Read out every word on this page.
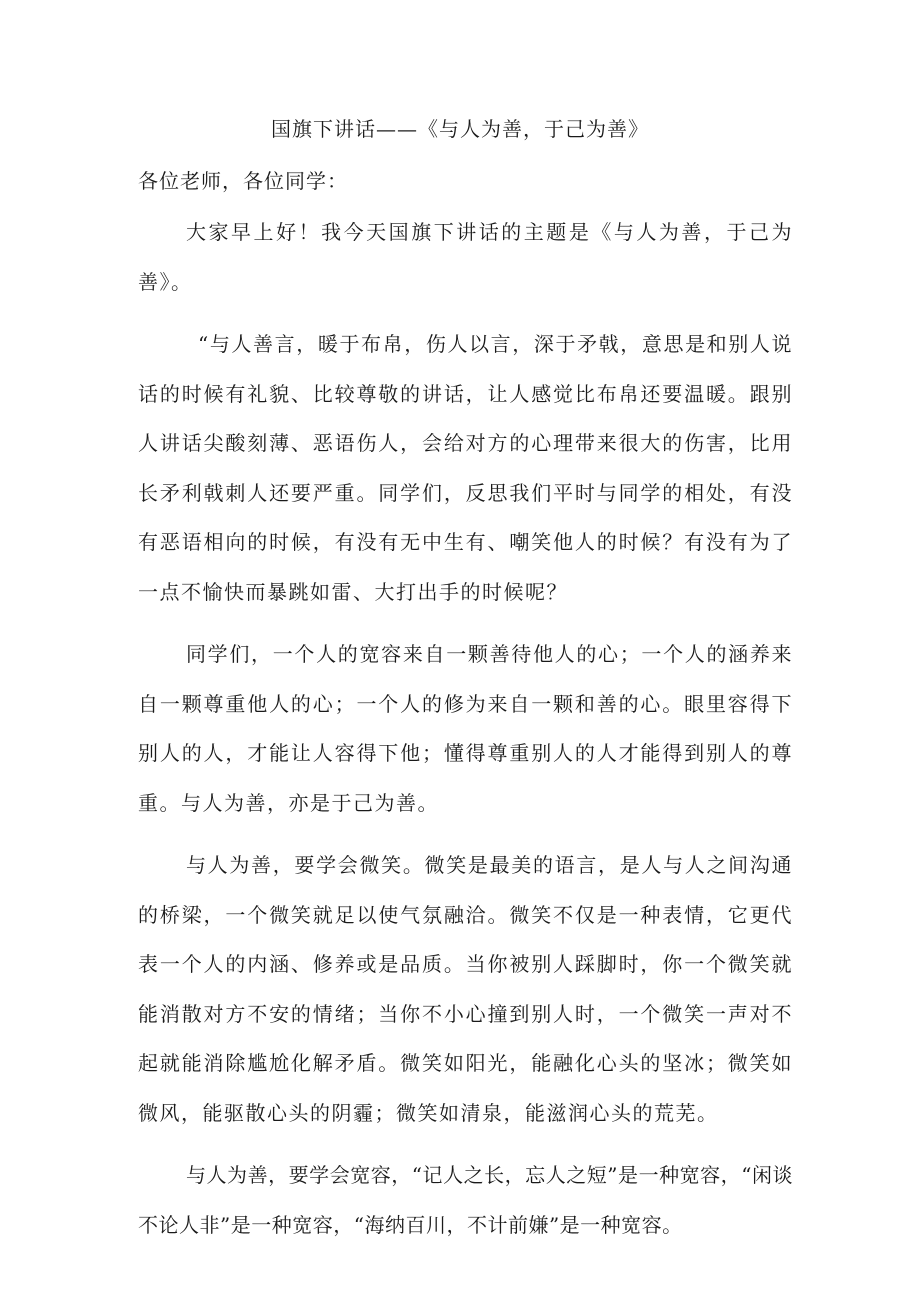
国旗下讲话——《与人为善，于己为善》
各位老师，各位同学：

大家早上好！我今天国旗下讲话的主题是《与人为善，于己为善》。

“与人善言，暖于布帛，伤人以言，深于矛戟，意思是和别人说话的时候有礼貌、比较尊敬的讲话，让人感觉比布帛还要温暖。跟别人讲话尖酸刻薄、恶语伤人，会给对方的心理带来很大的伤害，比用长矛利戟刺人还要严重。同学们，反思我们平时与同学的相处，有没有恶语相向的时候，有没有无中生有、嘲笑他人的时候？有没有为了一点不愉快而暴跳如雷、大打出手的时候呢？

同学们，一个人的宽容来自一颗善待他人的心；一个人的涵养来自一颗尊重他人的心；一个人的修为来自一颗和善的心。眼里容得下别人的人，才能让人容得下他；懂得尊重别人的人才能得到别人的尊重。与人为善，亦是于己为善。

与人为善，要学会微笑。微笑是最美的语言，是人与人之间沟通的桥梁，一个微笑就足以使气氛融洽。微笑不仅是一种表情，它更代表一个人的内涵、修养或是品质。当你被别人踩脚时，你一个微笑就能消散对方不安的情绪；当你不小心撞到别人时，一个微笑一声对不起就能消除尴尬化解矛盾。微笑如阳光，能融化心头的坚冰；微笑如微风，能驱散心头的阴霾；微笑如清泉，能滋润心头的荒芜。

与人为善，要学会宽容，“记人之长，忘人之短”是一种宽容，“闲谈不论人非”是一种宽容，“海纳百川，不计前嫌”是一种宽容。
